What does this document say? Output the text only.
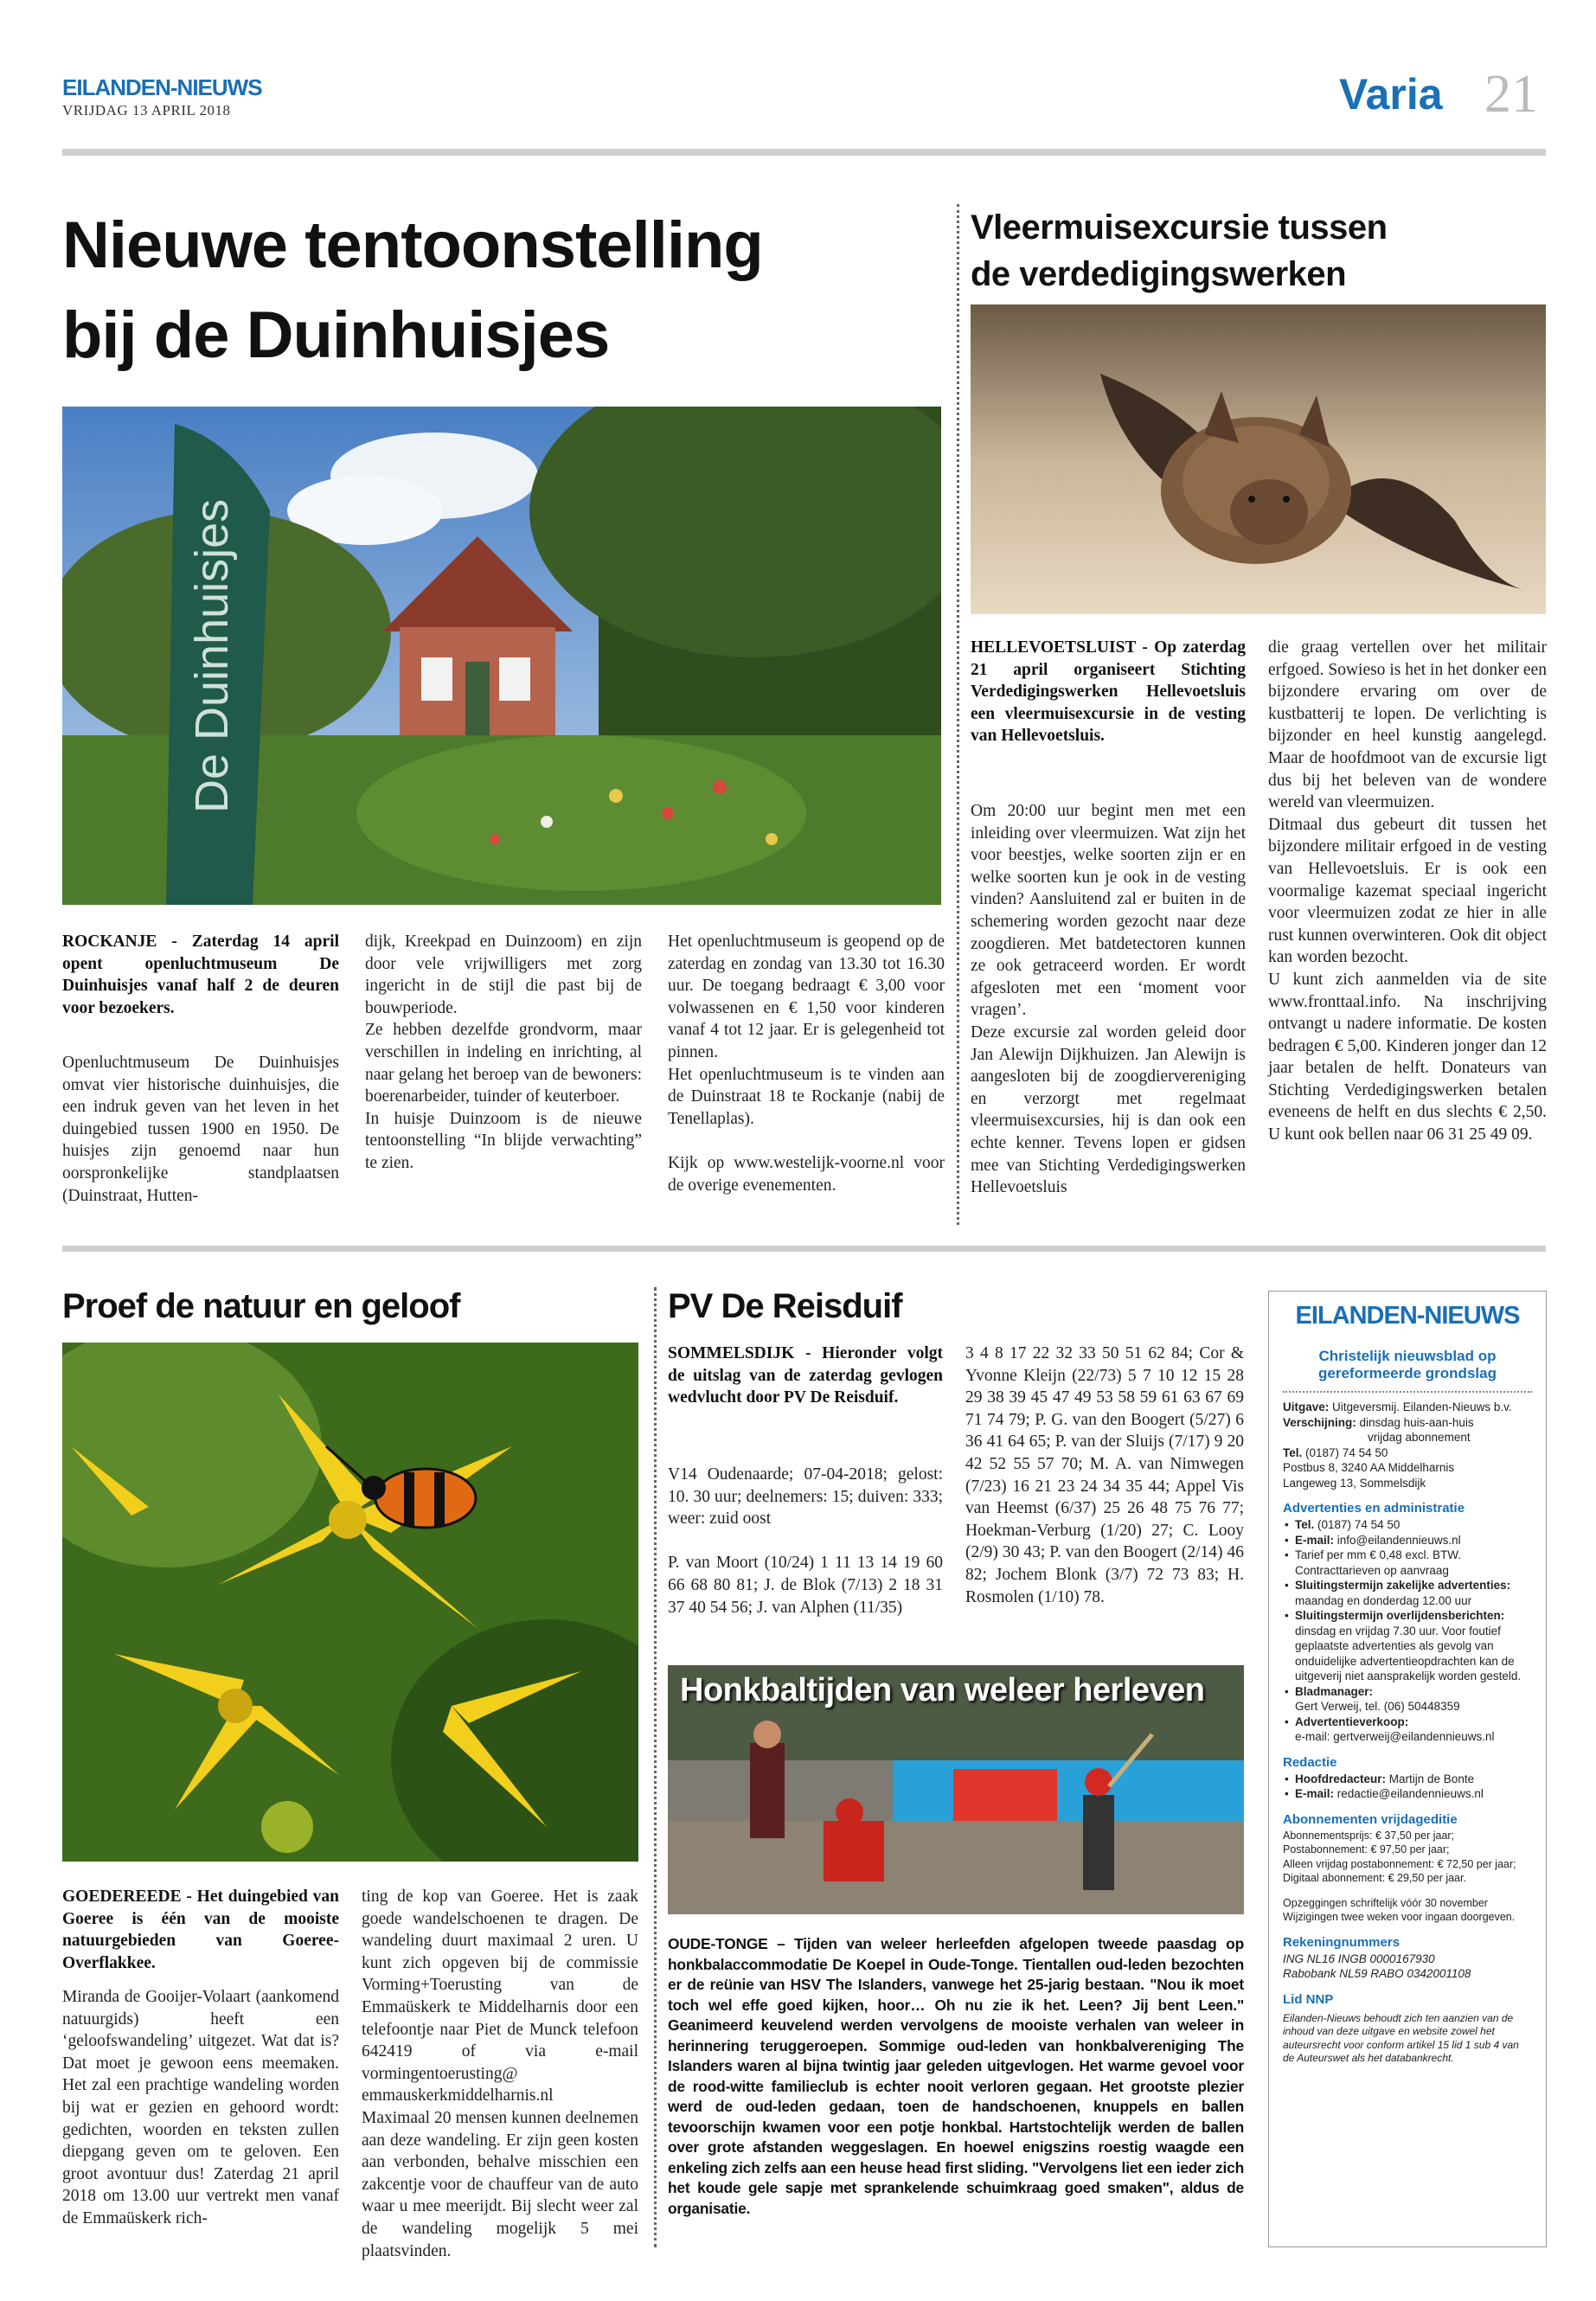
EILANDEN-NIEUWS
VRIJDAG 13 APRIL 2018	Varia 21
Nieuwe tentoonstelling
bij de Duinhuisjes
De Duinhuisjes
ROCKANJE - Zaterdag 14 april opent openluchtmuseum De Duinhuisjes vanaf half 2 de deuren voor bezoekers.
Openluchtmuseum De Duinhuisjes omvat vier historische duinhuisjes, die een indruk geven van het leven in het duingebied tussen 1900 en 1950. De huisjes zijn genoemd naar hun oorspronkelijke standplaatsen (Duinstraat, Hutten-
dijk, Kreekpad en Duinzoom) en zijn door vele vrijwilligers met zorg ingericht in de stijl die past bij de bouwperiode.
Ze hebben dezelfde grondvorm, maar verschillen in indeling en inrichting, al naar gelang het beroep van de bewoners: boerenarbeider, tuinder of keuterboer.
In huisje Duinzoom is de nieuwe tentoonstelling “In blijde verwachting” te zien.
Het openluchtmuseum is geopend op de zaterdag en zondag van 13.30 tot 16.30 uur. De toegang bedraagt € 3,00 voor volwassenen en € 1,50 voor kinderen vanaf 4 tot 12 jaar. Er is gelegenheid tot pinnen.
Het openluchtmuseum is te vinden aan de Duinstraat 18 te Rockanje (nabij de Tenellaplas).

Kijk op www.westelijk-voorne.nl voor de overige evenementen.
Vleermuisexcursie tussen
de verdedigingswerken
HELLEVOETSLUIST - Op zaterdag 21 april organiseert Stichting Verdedigingswerken Hellevoetsluis een vleermuisexcursie in de vesting van Hellevoetsluis.
Om 20:00 uur begint men met een inleiding over vleermuizen. Wat zijn het voor beestjes, welke soorten zijn er en welke soorten kun je ook in de vesting vinden? Aansluitend zal er buiten in de schemering worden gezocht naar deze zoogdieren. Met batdetectoren kunnen ze ook getraceerd worden. Er wordt afgesloten met een ‘moment voor vragen’.
Deze excursie zal worden geleid door Jan Alewijn Dijkhuizen. Jan Alewijn is aangesloten bij de zoogdiervereniging en verzorgt met regelmaat vleermuisexcursies, hij is dan ook een echte kenner. Tevens lopen er gidsen mee van Stichting Verdedigingswerken Hellevoetsluis
die graag vertellen over het militair erfgoed. Sowieso is het in het donker een bijzondere ervaring om over de kustbatterij te lopen. De verlichting is bijzonder en heel kunstig aangelegd. Maar de hoofdmoot van de excursie ligt dus bij het beleven van de wondere wereld van vleermuizen.
Ditmaal dus gebeurt dit tussen het bijzondere militair erfgoed in de vesting van Hellevoetsluis. Er is ook een voormalige kazemat speciaal ingericht voor vleermuizen zodat ze hier in alle rust kunnen overwinteren. Ook dit object kan worden bezocht.
U kunt zich aanmelden via de site www.fronttaal.info. Na inschrijving ontvangt u nadere informatie. De kosten bedragen € 5,00. Kinderen jonger dan 12 jaar betalen de helft. Donateurs van Stichting Verdedigingswerken betalen eveneens de helft en dus slechts € 2,50. U kunt ook bellen naar 06 31 25 49 09.
Proef de natuur en geloof
GOEDEREEDE - Het duingebied van Goeree is één van de mooiste natuurgebieden van Goeree-Overflakkee.
Miranda de Gooijer-Volaart (aankomend natuurgids) heeft een ‘geloofswandeling’ uitgezet. Wat dat is? Dat moet je gewoon eens meemaken. Het zal een prachtige wandeling worden bij wat er gezien en gehoord wordt: gedichten, woorden en teksten zullen diepgang geven om te geloven. Een groot avontuur dus! Zaterdag 21 april 2018 om 13.00 uur vertrekt men vanaf de Emmaüskerk rich-
ting de kop van Goeree. Het is zaak goede wandelschoenen te dragen. De wandeling duurt maximaal 2 uren. U kunt zich opgeven bij de commissie Vorming+Toerusting van de Emmaüskerk te Middelharnis door een telefoontje naar Piet de Munck telefoon 642419 of via e-mail vormingentoerusting@ emmauskerkmiddelharnis.nl
Maximaal 20 mensen kunnen deelnemen aan deze wandeling. Er zijn geen kosten aan verbonden, behalve misschien een zakcentje voor de chauffeur van de auto waar u mee meerijdt. Bij slecht weer zal de wandeling mogelijk 5 mei plaatsvinden.
PV De Reisduif
SOMMELSDIJK - Hieronder volgt de uitslag van de zaterdag gevlogen wedvlucht door PV De Reisduif.
V14 Oudenaarde; 07-04-2018; gelost: 10. 30 uur; deelnemers: 15; duiven: 333; weer: zuid oost

P. van Moort (10/24) 1 11 13 14 19 60 66 68 80 81; J. de Blok (7/13) 2 18 31 37 40 54 56; J. van Alphen (11/35)
3 4 8 17 22 32 33 50 51 62 84; Cor & Yvonne Kleijn (22/73) 5 7 10 12 15 28 29 38 39 45 47 49 53 58 59 61 63 67 69 71 74 79; P. G. van den Boogert (5/27) 6 36 41 64 65; P. van der Sluijs (7/17) 9 20 42 52 55 57 70; M. A. van Nimwegen (7/23) 16 21 23 24 34 35 44; Appel Vis van Heemst (6/37) 25 26 48 75 76 77; Hoekman-Verburg (1/20) 27; C. Looy (2/9) 30 43; P. van den Boogert (2/14) 46 82; Jochem Blonk (3/7) 72 73 83; H. Rosmolen (1/10) 78.
Honkbaltijden van weleer herleven
OUDE-TONGE – Tijden van weleer herleefden afgelopen tweede paasdag op honkbalaccommodatie De Koepel in Oude-Tonge. Tientallen oud-leden bezochten er de reünie van HSV The Islanders, vanwege het 25-jarig bestaan. "Nou ik moet toch wel effe goed kijken, hoor… Oh nu zie ik het. Leen? Jij bent Leen." Geanimeerd keuvelend werden vervolgens de mooiste verhalen van weleer in herinnering teruggeroepen. Sommige oud-leden van honkbalvereniging The Islanders waren al bijna twintig jaar geleden uitgevlogen. Het warme gevoel voor de rood-witte familieclub is echter nooit verloren gegaan. Het grootste plezier werd de oud-leden gedaan, toen de handschoenen, knuppels en ballen tevoorschijn kwamen voor een potje honkbal. Hartstochtelijk werden de ballen over grote afstanden weggeslagen. En hoewel enigszins roestig waagde een enkeling zich zelfs aan een heuse head first sliding. "Vervolgens liet een ieder zich het koude gele sapje met sprankelende schuimkraag goed smaken", aldus de organisatie.
EILANDEN-NIEUWS
Christelijk nieuwsblad op
gereformeerde grondslag
Uitgave: Uitgeversmij. Eilanden-Nieuws b.v.
Verschijning: dinsdag huis-aan-huis
vrijdag abonnement
Tel. (0187) 74 54 50
Postbus 8, 3240 AA Middelharnis
Langeweg 13, Sommelsdijk
Advertenties en administratie
• Tel. (0187) 74 54 50
• E-mail: info@eilandennieuws.nl
• Tarief per mm € 0,48 excl. BTW.
Contracttarieven op aanvraag
• Sluitingstermijn zakelijke advertenties:
maandag en donderdag 12.00 uur
• Sluitingstermijn overlijdensberichten:
dinsdag en vrijdag 7.30 uur. Voor foutief geplaatste advertenties als gevolg van onduidelijke advertentieopdrachten kan de uitgeverij niet aansprakelijk worden gesteld.
• Bladmanager:
Gert Verweij, tel. (06) 50448359
• Advertentieverkoop:
e-mail: gertverweij@eilandennieuws.nl
Redactie
• Hoofdredacteur: Martijn de Bonte
• E-mail: redactie@eilandennieuws.nl
Abonnementen vrijdageditie
Abonnementsprijs: € 37,50 per jaar;
Postabonnement: € 97,50 per jaar;
Alleen vrijdag postabonnement: € 72,50 per jaar;
Digitaal abonnement: € 29,50 per jaar.
Opzeggingen schriftelijk vóór 30 november
Wijzigingen twee weken voor ingaan doorgeven.
Rekeningnummers
ING NL16 INGB 0000167930
Rabobank NL59 RABO 0342001108
Lid NNP
Eilanden-Nieuws behoudt zich ten aanzien van de inhoud van deze uitgave en website zowel het auteursrecht voor conform artikel 15 lid 1 sub 4 van de Auteurswet als het databankrecht.
